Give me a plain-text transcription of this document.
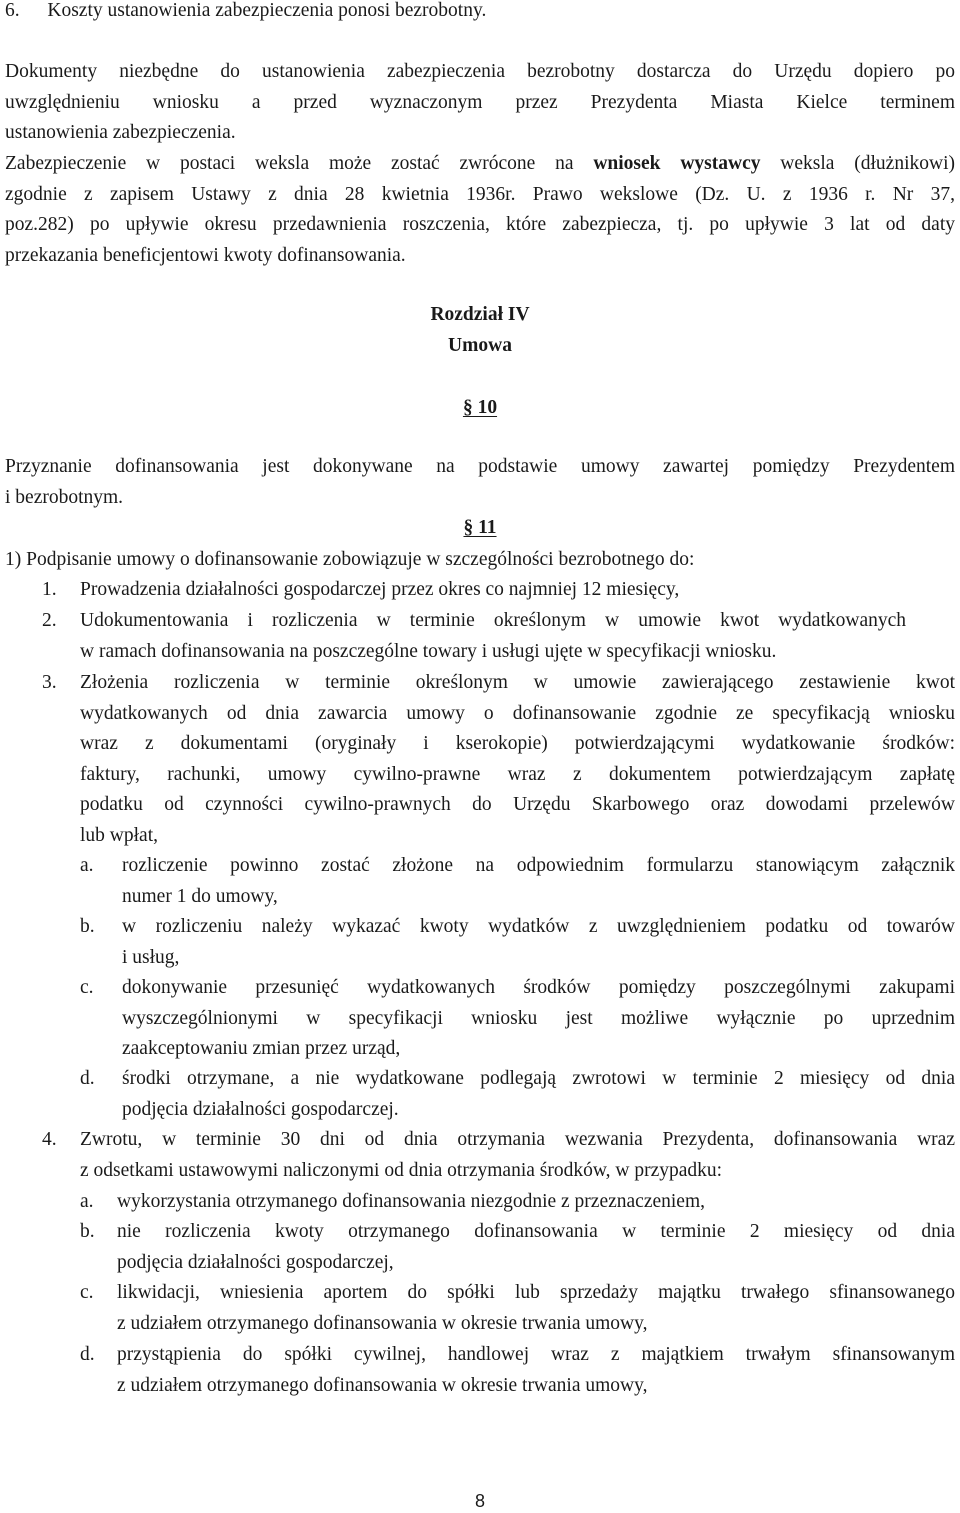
6. Koszty ustanowienia zabezpieczenia ponosi bezrobotny.
Dokumenty niezbędne do ustanowienia zabezpieczenia bezrobotny dostarcza do Urzędu dopiero po
uwzględnieniu wniosku a przed wyznaczonym przez Prezydenta Miasta Kielce terminem
ustanowienia zabezpieczenia.
Zabezpieczenie w postaci weksla może zostać zwrócone na wniosek wystawcy weksla (dłużnikowi)
zgodnie z zapisem Ustawy z dnia 28 kwietnia 1936r. Prawo wekslowe (Dz. U. z 1936 r. Nr 37,
poz.282) po upływie okresu przedawnienia roszczenia, które zabezpiecza, tj. po upływie 3 lat od daty
przekazania beneficjentowi kwoty dofinansowania.
Rozdział IV
Umowa
§ 10
Przyznanie dofinansowania jest dokonywane na podstawie umowy zawartej pomiędzy Prezydentem
i bezrobotnym.
§ 11
1) Podpisanie umowy o dofinansowanie zobowiązuje w szczególności bezrobotnego do:
1. Prowadzenia działalności gospodarczej przez okres co najmniej 12 miesięcy,
2. Udokumentowania i rozliczenia w terminie określonym w umowie kwot wydatkowanych
w ramach dofinansowania na poszczególne towary i usługi ujęte w specyfikacji wniosku.
3. Złożenia rozliczenia w terminie określonym w umowie zawierającego zestawienie kwot
wydatkowanych od dnia zawarcia umowy o dofinansowanie zgodnie ze specyfikacją wniosku
wraz z dokumentami (oryginały i kserokopie) potwierdzającymi wydatkowanie środków:
faktury, rachunki, umowy cywilno-prawne wraz z dokumentem potwierdzającym zapłatę
podatku od czynności cywilno-prawnych do Urzędu Skarbowego oraz dowodami przelewów
lub wpłat,
a. rozliczenie powinno zostać złożone na odpowiednim formularzu stanowiącym załącznik
numer 1 do umowy,
b. w rozliczeniu należy wykazać kwoty wydatków z uwzględnieniem podatku od towarów
i usług,
c. dokonywanie przesunięć wydatkowanych środków pomiędzy poszczególnymi zakupami
wyszczególnionymi w specyfikacji wniosku jest możliwe wyłącznie po uprzednim
zaakceptowaniu zmian przez urząd,
d. środki otrzymane, a nie wydatkowane podlegają zwrotowi w terminie 2 miesięcy od dnia
podjęcia działalności gospodarczej.
4. Zwrotu, w terminie 30 dni od dnia otrzymania wezwania Prezydenta, dofinansowania wraz
z odsetkami ustawowymi naliczonymi od dnia otrzymania środków, w przypadku:
a. wykorzystania otrzymanego dofinansowania niezgodnie z przeznaczeniem,
b. nie rozliczenia kwoty otrzymanego dofinansowania w terminie 2 miesięcy od dnia
podjęcia działalności gospodarczej,
c. likwidacji, wniesienia aportem do spółki lub sprzedaży majątku trwałego sfinansowanego
z udziałem otrzymanego dofinansowania w okresie trwania umowy,
d. przystąpienia do spółki cywilnej, handlowej wraz z majątkiem trwałym sfinansowanym
z udziałem otrzymanego dofinansowania w okresie trwania umowy,
8
